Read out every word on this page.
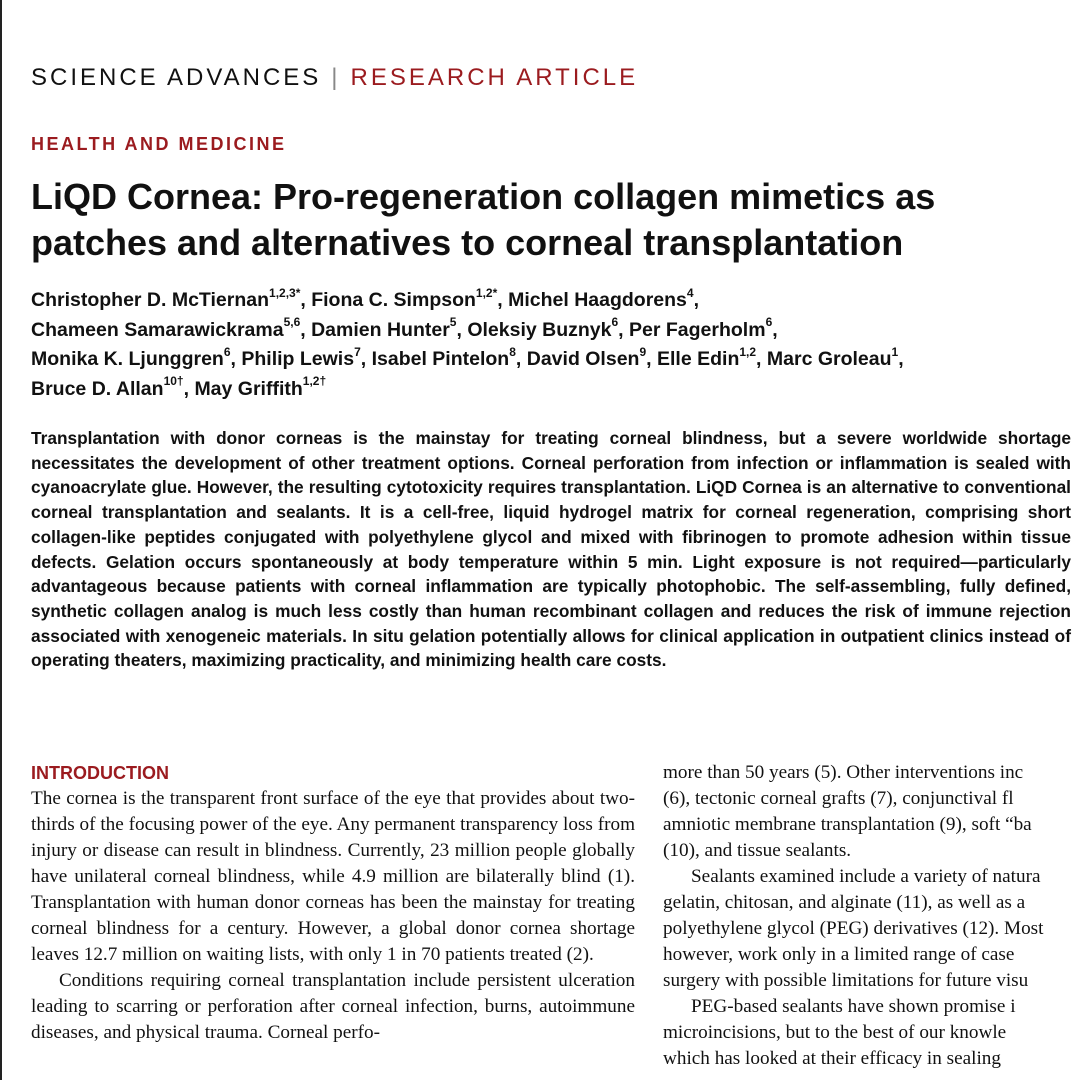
SCIENCE ADVANCES | RESEARCH ARTICLE
HEALTH AND MEDICINE
LiQD Cornea: Pro-regeneration collagen mimetics as patches and alternatives to corneal transplantation
Christopher D. McTiernan$^{1,2,3*}$, Fiona C. Simpson$^{1,2*}$, Michel Haagdorens$^4$,
Chameen Samarawickrama$^{5,6}$, Damien Hunter$^5$, Oleksiy Buznyk$^6$, Per Fagerholm$^6$,
Monika K. Ljunggren$^6$, Philip Lewis$^7$, Isabel Pintelon$^8$, David Olsen$^9$, Elle Edin$^{1,2}$, Marc Groleau$^1$,
Bruce D. Allan$^{10\dagger}$, May Griffith$^{1,2\dagger}$

Transplantation with donor corneas is the mainstay for treating corneal blindness, but a severe worldwide shortage necessitates the development of other treatment options. Corneal perforation from infection or inflammation is sealed with cyanoacrylate glue. However, the resulting cytotoxicity requires transplantation. LiQD Cornea is an alternative to conventional corneal transplantation and sealants. It is a cell-free, liquid hydrogel matrix for corneal regeneration, comprising short collagen-like peptides conjugated with polyethylene glycol and mixed with fibrinogen to promote adhesion within tissue defects. Gelation occurs spontaneously at body temperature within 5 min. Light exposure is not required—particularly advantageous because patients with corneal inflammation are typically photophobic. The self-assembling, fully defined, synthetic collagen analog is much less costly than human recombinant collagen and reduces the risk of immune rejection associated with xenogeneic materials. In situ gelation potentially allows for clinical application in outpatient clinics instead of operating theaters, maximizing practicality, and minimizing health care costs.

INTRODUCTION

The cornea is the transparent front surface of the eye that provides about two-thirds of the focusing power of the eye. Any permanent transparency loss from injury or disease can result in blindness. Currently, 23 million people globally have unilateral corneal blindness, while 4.9 million are bilaterally blind (1). Transplantation with human donor corneas has been the mainstay for treating corneal blindness for a century. However, a global donor cornea shortage leaves 12.7 million on waiting lists, with only 1 in 70 patients treated (2).

Conditions requiring corneal transplantation include persistent ulceration leading to scarring or perforation after corneal infection, burns, autoimmune diseases, and physical trauma. Corneal perfo-

more than 50 years (5). Other interventions inc
(6), tectonic corneal grafts (7), conjunctival fl
amniotic membrane transplantation (9), soft “ba
(10), and tissue sealants.
Sealants examined include a variety of natura
gelatin, chitosan, and alginate (11), as well as a
polyethylene glycol (PEG) derivatives (12). Most
however, work only in a limited range of case
surgery with possible limitations for future visu
PEG-based sealants have shown promise i
microincisions, but to the best of our knowle
which has looked at their efficacy in sealing
